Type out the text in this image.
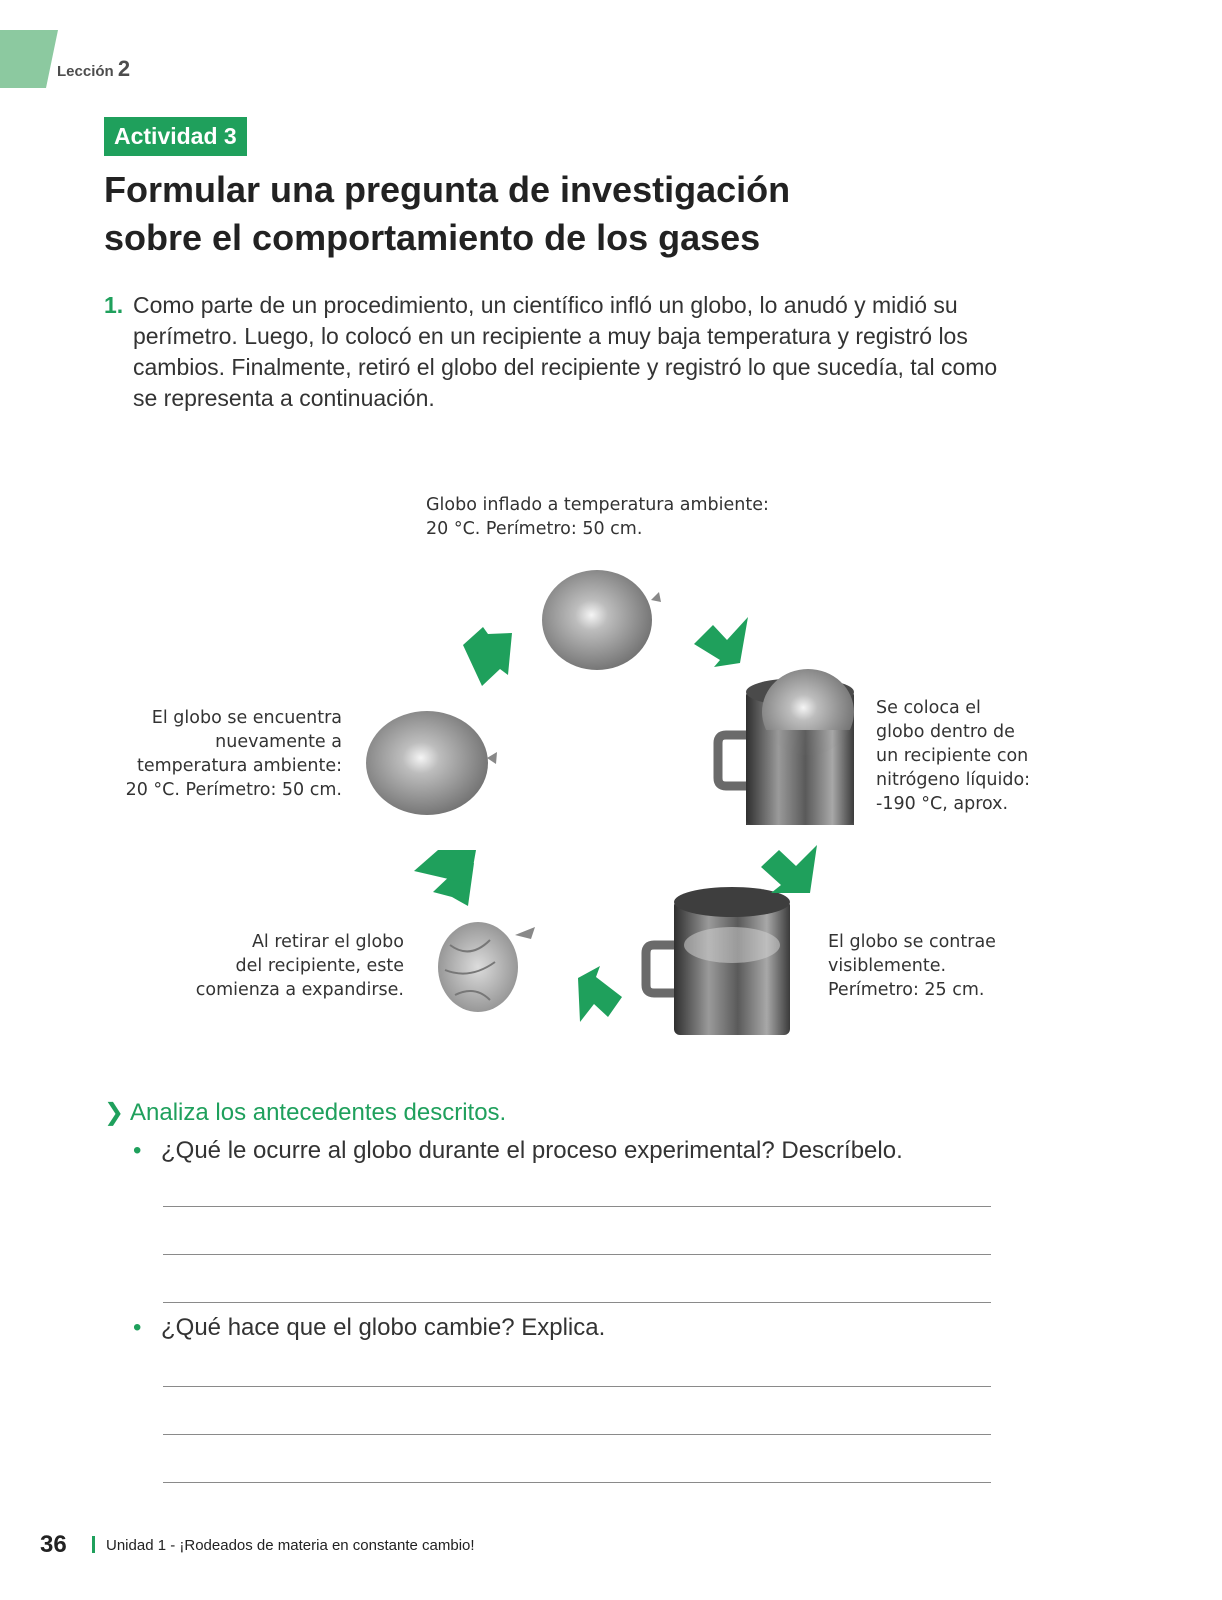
Lección 2
Actividad 3
Formular una pregunta de investigación
sobre el comportamiento de los gases
1. Como parte de un procedimiento, un científico infló un globo, lo anudó y midió su perímetro. Luego, lo colocó en un recipiente a muy baja temperatura y registró los cambios. Finalmente, retiró el globo del recipiente y registró lo que sucedía, tal como se representa a continuación.
Globo inflado a temperatura ambiente:
20 °C. Perímetro: 50 cm.
Se coloca el
globo dentro de
un recipiente con
nitrógeno líquido:
-190 °C, aprox.
El globo se encuentra
nuevamente a
temperatura ambiente:
20 °C. Perímetro: 50 cm.
El globo se contrae
visiblemente.
Perímetro: 25 cm.
Al retirar el globo
del recipiente, este
comienza a expandirse.
❯ Analiza los antecedentes descritos.
• ¿Qué le ocurre al globo durante el proceso experimental? Descríbelo.
• ¿Qué hace que el globo cambie? Explica.
36	Unidad 1 - ¡Rodeados de materia en constante cambio!
